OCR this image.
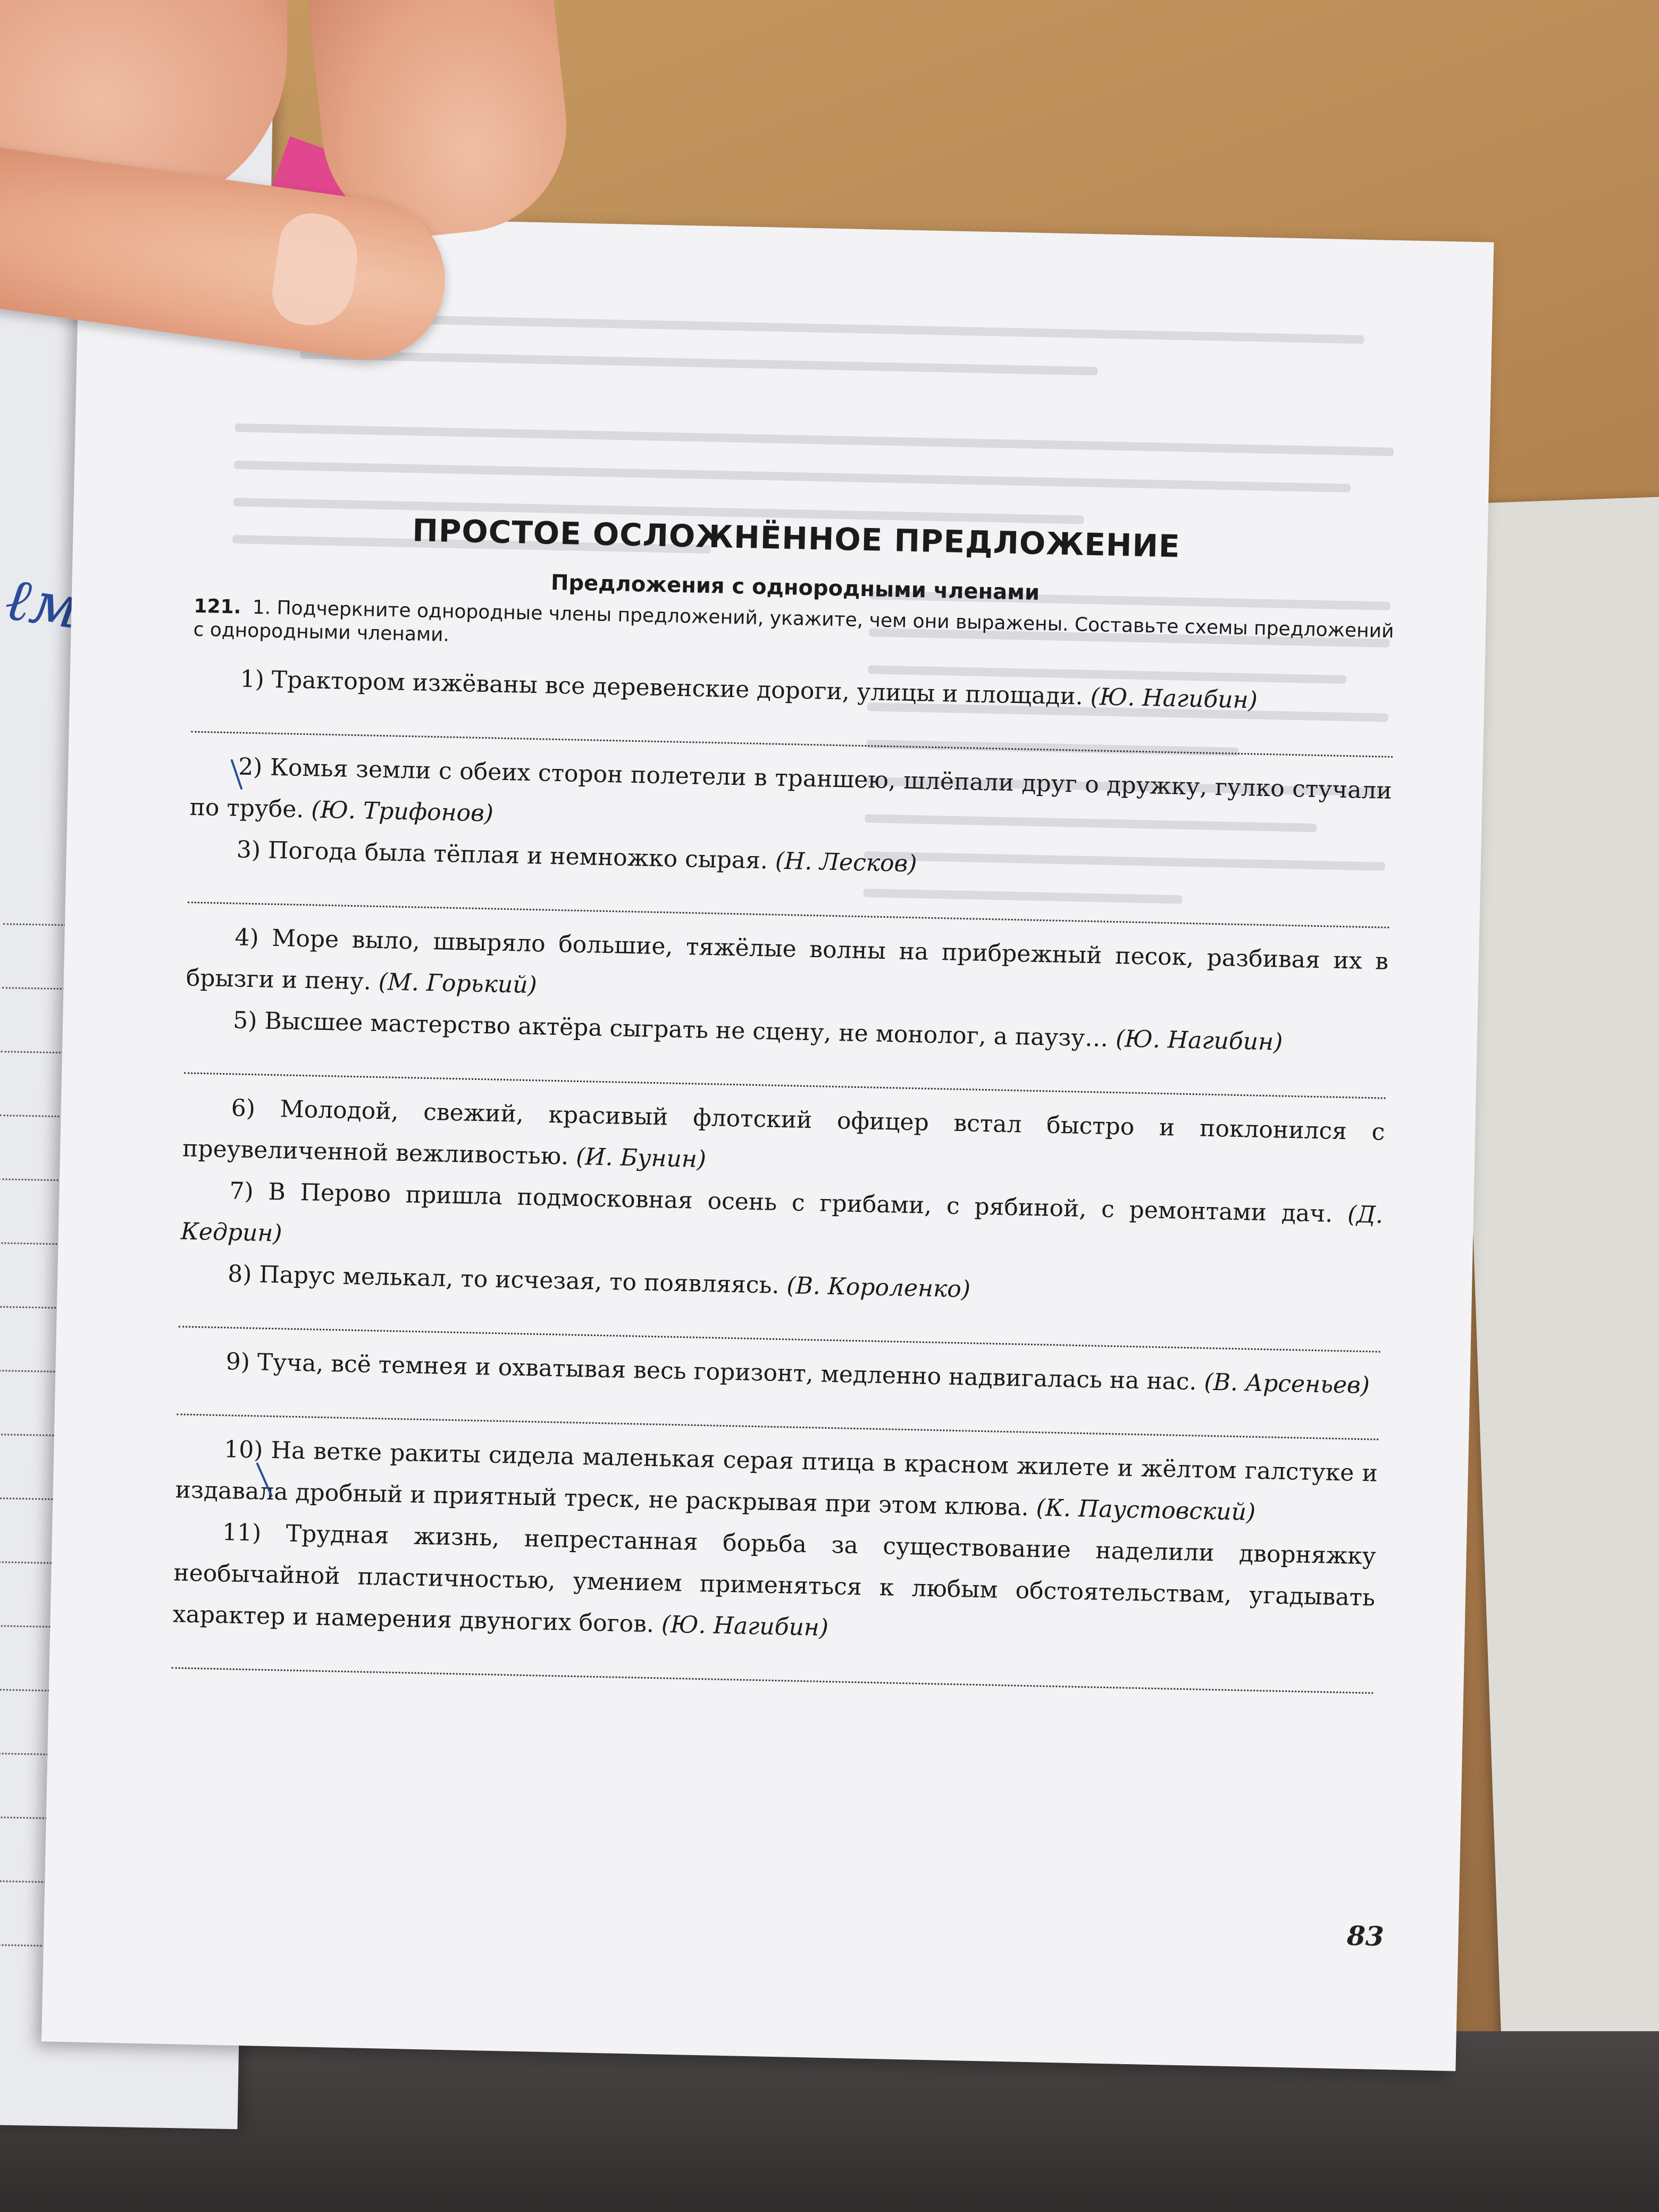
ПРОСТОЕ ОСЛОЖНЁННОЕ ПРЕДЛОЖЕНИЕ
Предложения с однородными членами
121. 1. Подчеркните однородные члены предложений, укажите, чем они выражены. Составьте схемы предложений с однородными членами.
1) Трактором изжёваны все деревенские дороги, улицы и площади. (Ю. Нагибин)
2) Комья земли с обеих сторон полетели в траншею, шлёпали друг о дружку, гулко стучали по трубе. (Ю. Трифонов)
3) Погода была тёплая и немножко сырая. (Н. Лесков)
4) Море выло, швыряло большие, тяжёлые волны на прибрежный песок, разбивая их в брызги и пену. (М. Горький)
5) Высшее мастерство актёра сыграть не сцену, не монолог, а паузу… (Ю. Нагибин)
6) Молодой, свежий, красивый флотский офицер встал быстро и поклонился с преувеличенной вежливостью. (И. Бунин)
7) В Перово пришла подмосковная осень с грибами, с рябиной, с ремонтами дач. (Д. Кедрин)
8) Парус мелькал, то исчезая, то появляясь. (В. Короленко)
9) Туча, всё темнея и охватывая весь горизонт, медленно надвигалась на нас. (В. Арсеньев)
10) На ветке ракиты сидела маленькая серая птица в красном жилете и жёлтом галстуке и издавала дробный и приятный треск, не раскрывая при этом клюва. (К. Паустовский)
11) Трудная жизнь, непрестанная борьба за существование наделили дворняжку необычайной пластичностью, умением применяться к любым обстоятельствам, угадывать характер и намерения двуногих богов. (Ю. Нагибин)
83
